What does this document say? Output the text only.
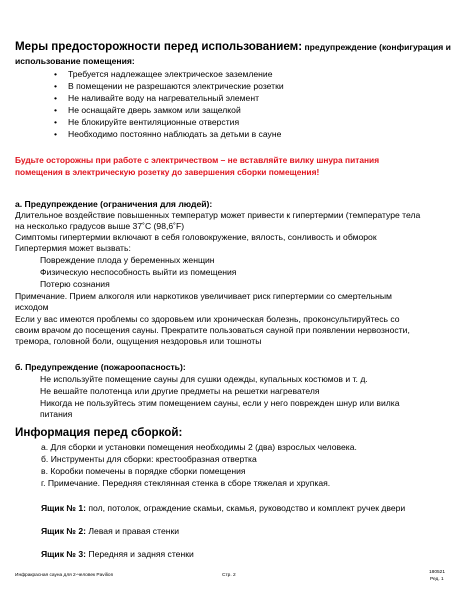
Меры предосторожности перед использованием: предупреждение (конфигурация и
использование помещения:
• Требуется надлежащее электрическое заземление
• В помещении не разрешаются электрические розетки
• Не наливайте воду на нагревательный элемент
• Не оснащайте дверь замком или защелкой
• Не блокируйте вентиляционные отверстия
• Необходимо постоянно наблюдать за детьми в сауне
Будьте осторожны при работе с электричеством – не вставляйте вилку шнура питания
помещения в электрическую розетку до завершения сборки помещения!
а. Предупреждение (ограничения для людей):
Длительное воздействие повышенных температур может привести к гипертермии (температуре тела
на несколько градусов выше 37˚C (98,6˚F)
Симптомы гипертермии включают в себя головокружение, вялость, сонливость и обморок
Гипертермия может вызвать:
Повреждение плода у беременных женщин
Физическую неспособность выйти из помещения
Потерю сознания
Примечание. Прием алкоголя или наркотиков увеличивает риск гипертермии со смертельным
исходом
Если у вас имеются проблемы со здоровьем или хроническая болезнь, проконсультируйтесь со
своим врачом до посещения сауны. Прекратите пользоваться сауной при появлении нервозности,
тремора, головной боли, ощущения нездоровья или тошноты
б. Предупреждение (пожароопасность):
Не используйте помещение сауны для сушки одежды, купальных костюмов и т. д.
Не вешайте полотенца или другие предметы на решетки нагревателя
Никогда не пользуйтесь этим помещением сауны, если у него поврежден шнур или вилка
питания
Информация перед сборкой:
а. Для сборки и установки помещения необходимы 2 (два) взрослых человека.
б. Инструменты для сборки: крестообразная отвертка
в. Коробки помечены в порядке сборки помещения
г. Примечание. Передняя стеклянная стенка в сборе тяжелая и хрупкая.
Ящик № 1: пол, потолок, ограждение скамьи, скамья, руководство и комплект ручек двери
Ящик № 2: Левая и правая стенки
Ящик № 3: Передняя и задняя стенки
Инфракрасная сауна для 2-человек Pavilion	Стр. 2
180521
Ред. 1
